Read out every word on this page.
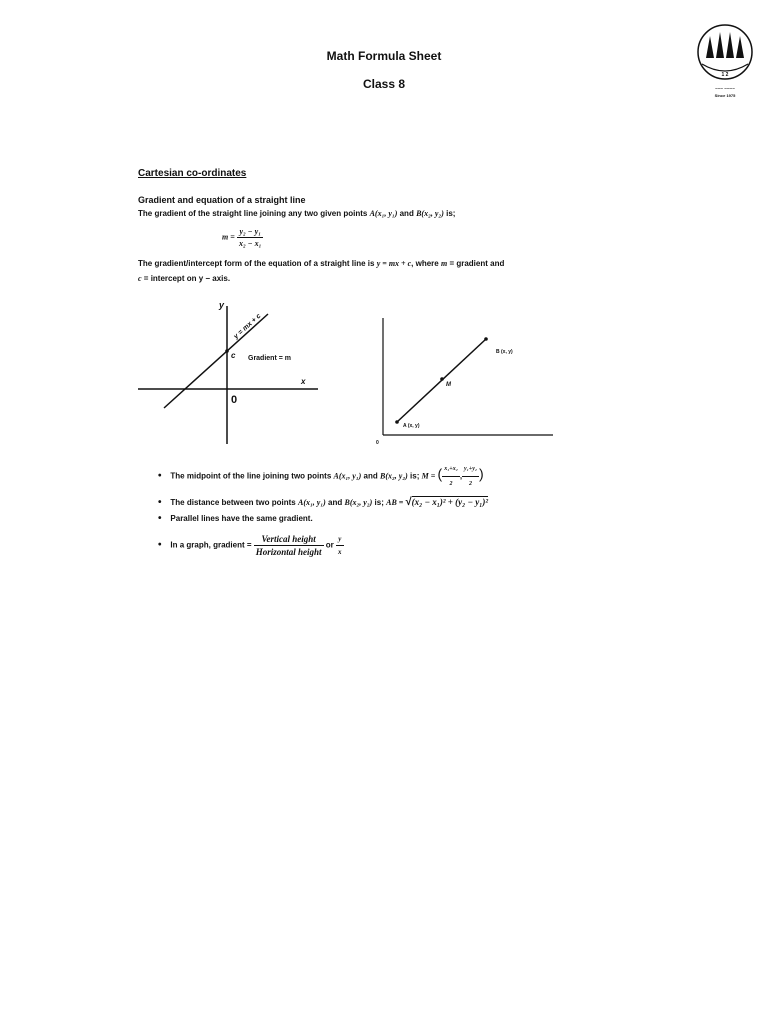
Math Formula Sheet
Class 8
1 2
~~~ ~~~~
Since 1975
Cartesian co-ordinates
Gradient and equation of a straight line
The gradient of the straight line joining any two given points A(x₁, y₁) and B(x₂, y₂) is;
$m = \frac{\text{y₂ − y₁}}{\text{x₂ − x₁}}$
The gradient/intercept form of the equation of a straight line is y = mx + c, where m = gradient and
c = intercept on y − axis.
y
x
0
c Gradient = m
y = mx + c
B (x, y)
M
A (x, y)
0
• The midpoint of the line joining two points A(x₁, y₁) and B(x₂, y₂) is; M = ( $\frac{\text{x₁+x₂}}{2}$ , $\frac{\text{y₁+y₂}}{2}$ )
• The distance between two points A(x₁, y₁) and B(x₂, y₂) is; AB = √(x₂ − x₁)² + (y₂ − y₁)²
• Parallel lines have the same gradient.
• In a graph, gradient = $\frac{\text{Vertical height}}{\text{Horizontal height}}$ or $\frac{y}{x}$
